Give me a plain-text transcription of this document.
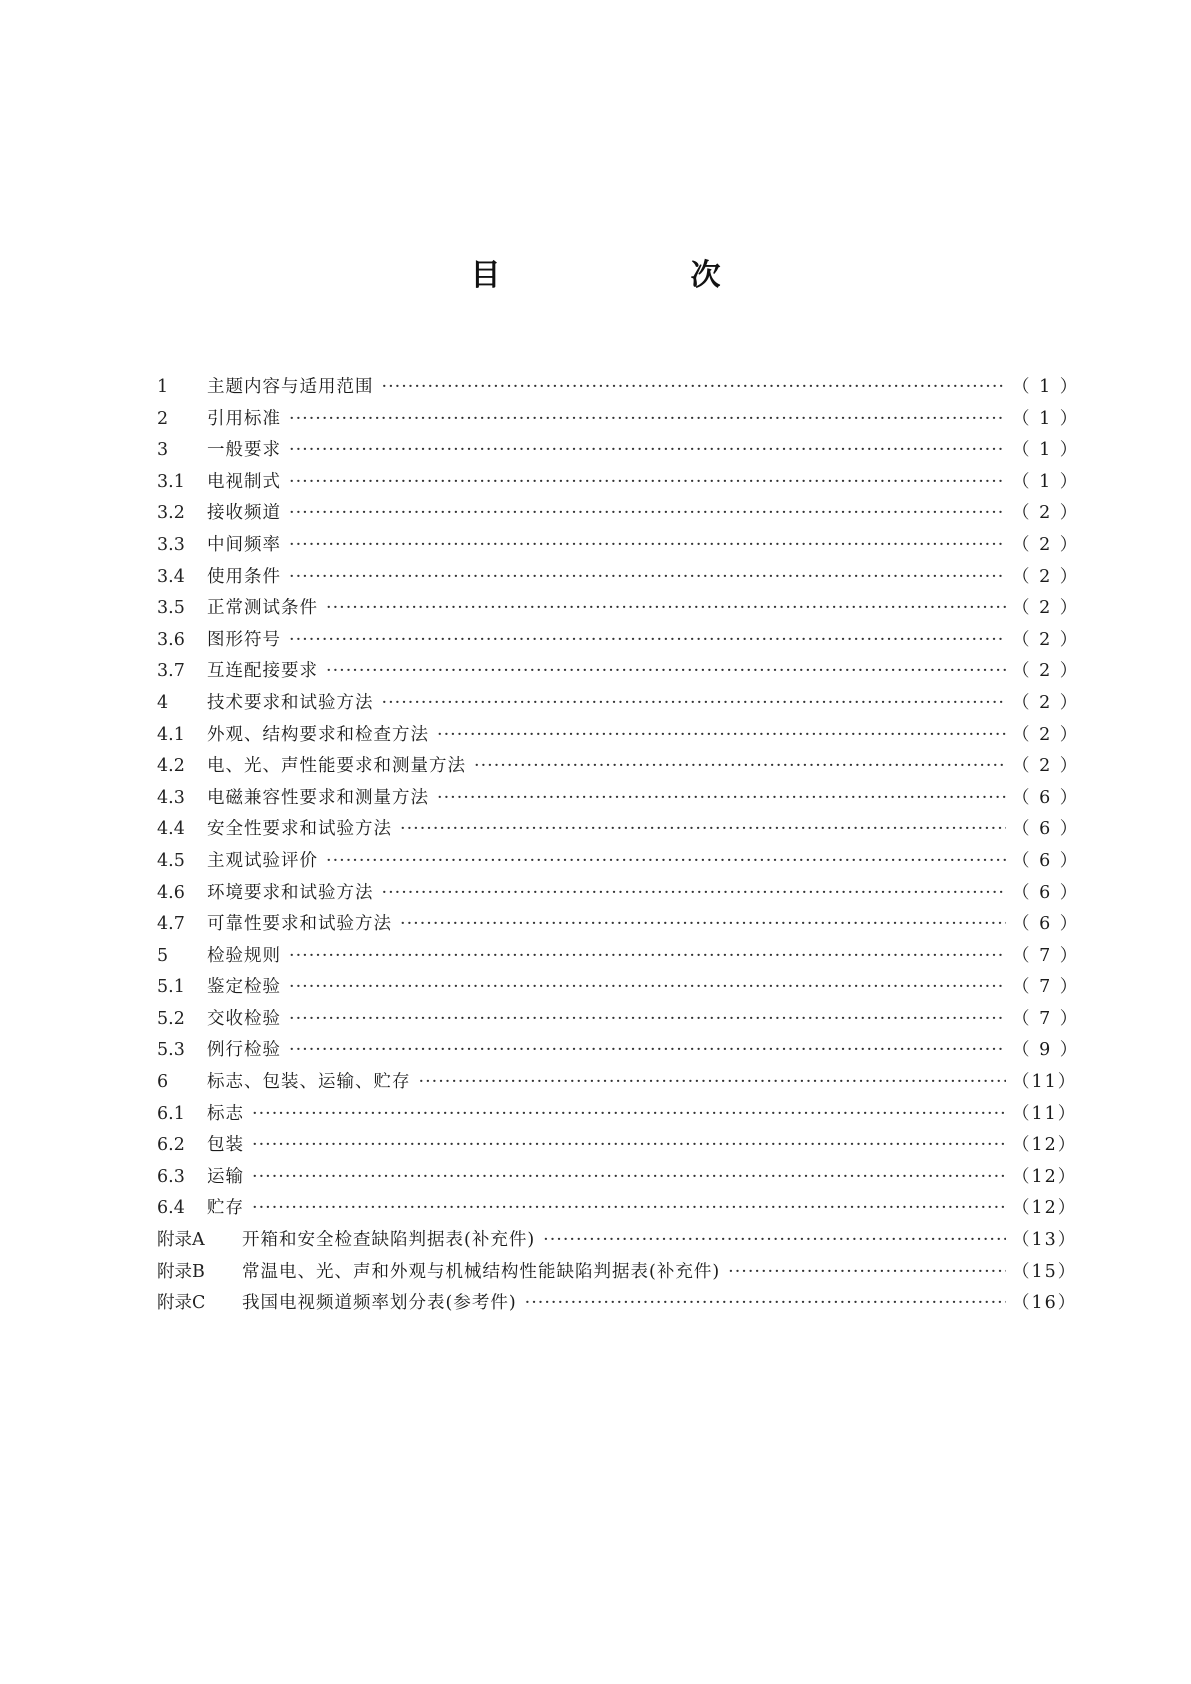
目　次
1	主题内容与适用范围 ·····	（ 1 ）
2	引用标准 ·····	（ 1 ）
3	一般要求 ·····	（ 1 ）
3.1	电视制式 ·····	（ 1 ）
3.2	接收频道 ·····	（ 2 ）
3.3	中间频率 ·····	（ 2 ）
3.4	使用条件 ·····	（ 2 ）
3.5	正常测试条件 ·····	（ 2 ）
3.6	图形符号 ·····	（ 2 ）
3.7	互连配接要求 ·····	（ 2 ）
4	技术要求和试验方法 ·····	（ 2 ）
4.1	外观、结构要求和检查方法 ·····	（ 2 ）
4.2	电、光、声性能要求和测量方法 ·····	（ 2 ）
4.3	电磁兼容性要求和测量方法 ·····	（ 6 ）
4.4	安全性要求和试验方法 ·····	（ 6 ）
4.5	主观试验评价 ·····	（ 6 ）
4.6	环境要求和试验方法 ·····	（ 6 ）
4.7	可靠性要求和试验方法 ·····	（ 6 ）
5	检验规则 ·····	（ 7 ）
5.1	鉴定检验 ·····	（ 7 ）
5.2	交收检验 ·····	（ 7 ）
5.3	例行检验 ·····	（ 9 ）
6	标志、包装、运输、贮存 ·····	（11）
6.1	标志 ·····	（11）
6.2	包装 ·····	（12）
6.3	运输 ·····	（12）
6.4	贮存 ·····	（12）
附录A	开箱和安全检查缺陷判据表(补充件) ·····	（13）
附录B	常温电、光、声和外观与机械结构性能缺陷判据表(补充件) ·····	（15）
附录C	我国电视频道频率划分表(参考件) ·····	（16）
